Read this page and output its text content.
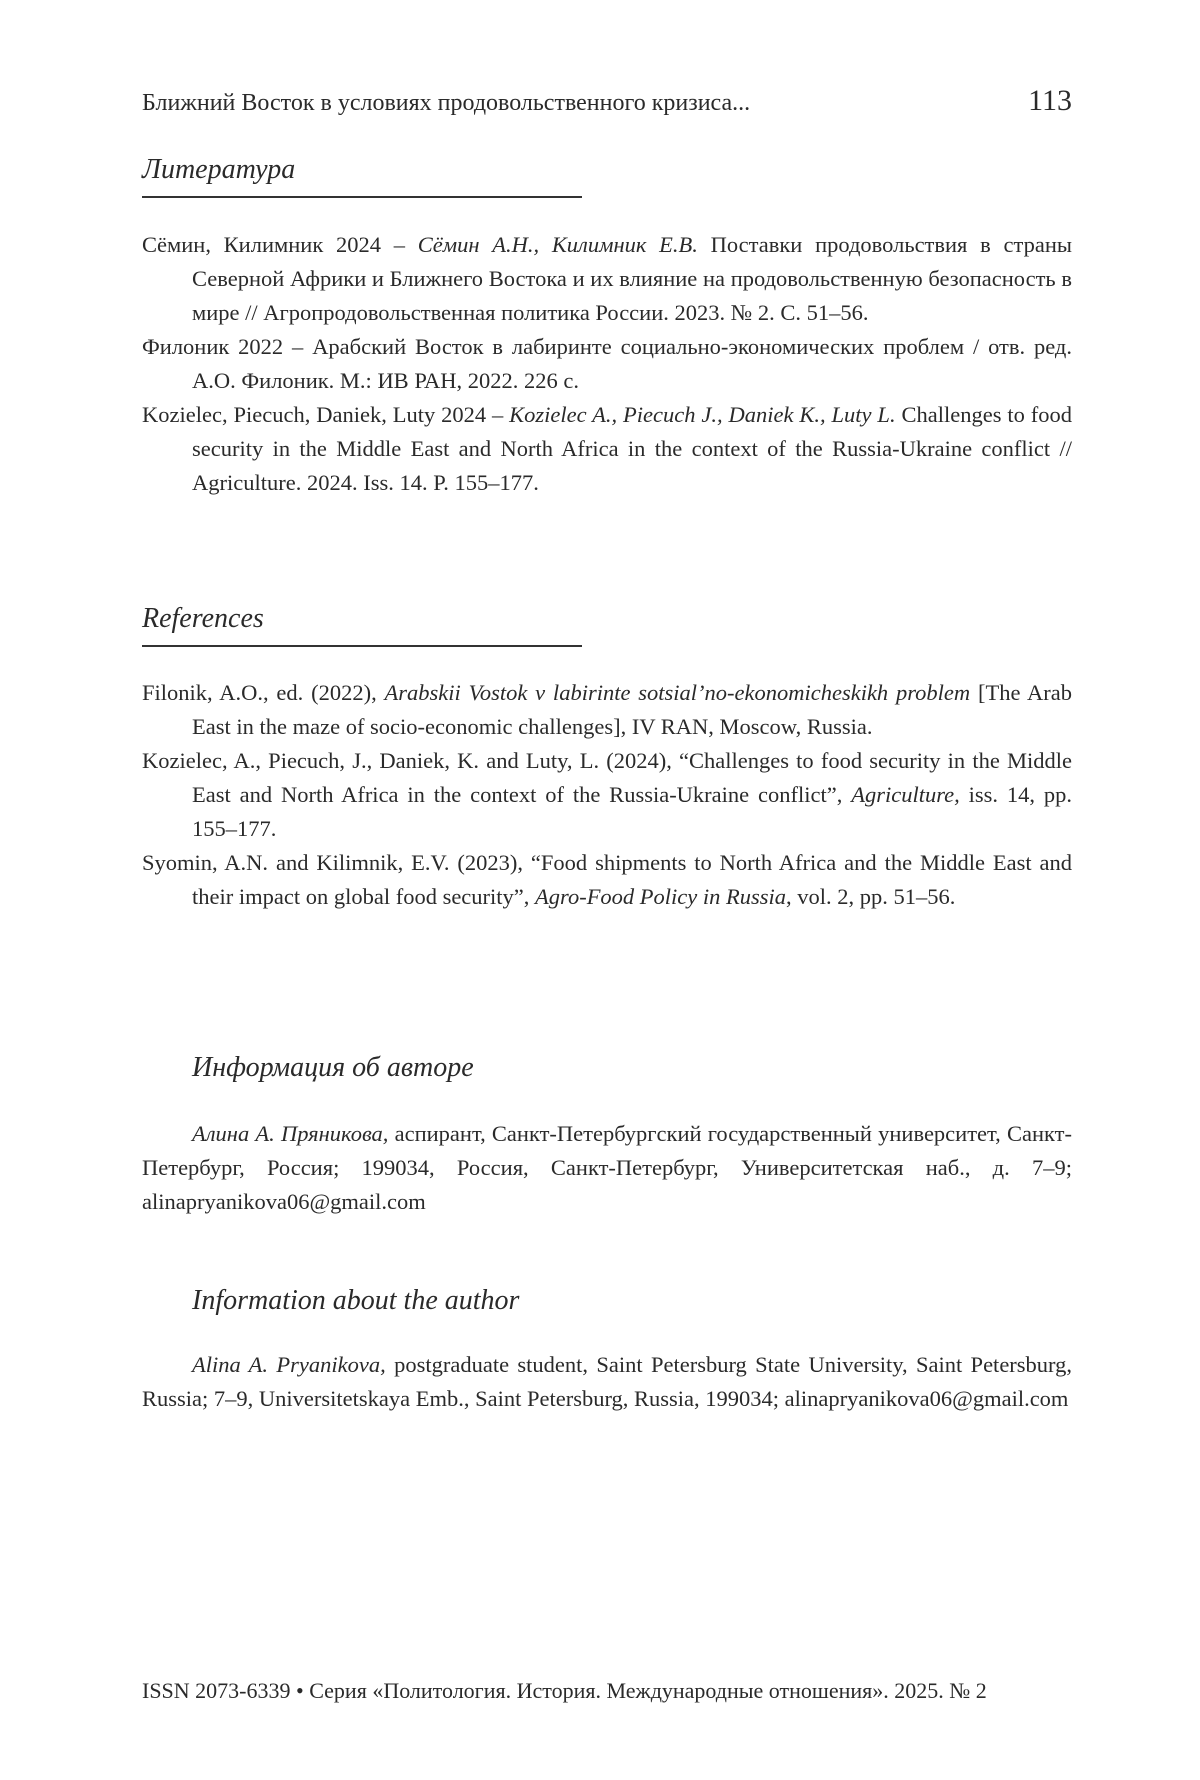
Ближний Восток в условиях продовольственного кризиса...	113
Литература

Сёмин, Килимник 2024 – Сёмин А.Н., Килимник Е.В. Поставки продовольствия в страны Северной Африки и Ближнего Востока и их влияние на продовольственную безопасность в мире // Агропродовольственная политика России. 2023. № 2. С. 51–56.

Филоник 2022 – Арабский Восток в лабиринте социально-экономических проблем / отв. ред. А.О. Филоник. М.: ИВ РАН, 2022. 226 с.

Kozielec, Piecuch, Daniek, Luty 2024 – Kozielec A., Piecuch J., Daniek K., Luty L. Challenges to food security in the Middle East and North Africa in the context of the Russia-Ukraine conflict // Agriculture. 2024. Iss. 14. P. 155–177.

References

Filonik, A.O., ed. (2022), Arabskii Vostok v labirinte sotsial’no-ekonomicheskikh problem [The Arab East in the maze of socio-economic challenges], IV RAN, Moscow, Russia.

Kozielec, A., Piecuch, J., Daniek, K. and Luty, L. (2024), “Challenges to food security in the Middle East and North Africa in the context of the Russia-Ukraine conflict”, Agriculture, iss. 14, pp. 155–177.

Syomin, A.N. and Kilimnik, E.V. (2023), “Food shipments to North Africa and the Middle East and their impact on global food security”, Agro-Food Policy in Russia, vol. 2, pp. 51–56.

Информация об авторе

Алина А. Пряникова, аспирант, Санкт-Петербургский государственный университет, Санкт-Петербург, Россия; 199034, Россия, Санкт-Петербург, Университетская наб., д. 7–9; alinapryanikova06@gmail.com

Information about the author

Alina A. Pryanikova, postgraduate student, Saint Petersburg State University, Saint Petersburg, Russia; 7–9, Universitetskaya Emb., Saint Petersburg, Russia, 199034; alinapryanikova06@gmail.com

ISSN 2073-6339 • Серия «Политология. История. Международные отношения». 2025. № 2
